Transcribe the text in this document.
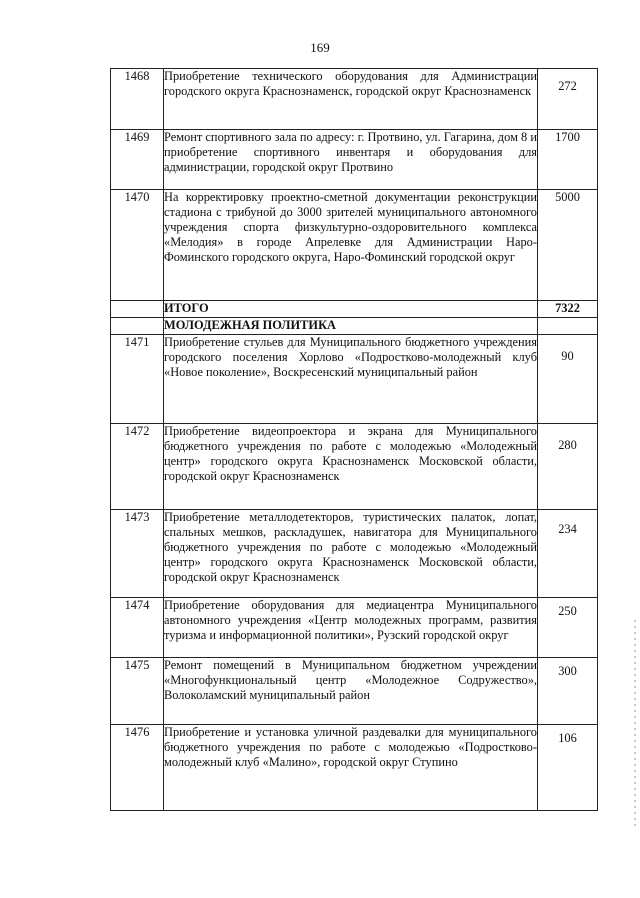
169
1468	Приобретение технического оборудования для Администрации городского округа Краснознаменск, городской округ Краснознаменск	272

1469	Ремонт спортивного зала по адресу: г. Протвино, ул. Гагарина, дом 8 и приобретение спортивного инвентаря и оборудования для администрации, городской округ Протвино	1700

1470	На корректировку проектно-сметной документации реконструкции стадиона с трибуной до 3000 зрителей муниципального автономного учреждения спорта физкультурно-оздоровительного комплекса «Мелодия» в городе Апрелевке для Администрации Наро-Фоминского городского округа, Наро-Фоминский городской округ	5000

	ИТОГО	7322
	МОЛОДЕЖНАЯ ПОЛИТИКА	
1471	Приобретение стульев для Муниципального бюджетного учреждения городского поселения Хорлово «Подростково-молодежный клуб «Новое поколение», Воскресенский муниципальный район	90

1472	Приобретение видеопроектора и экрана для Муниципального бюджетного учреждения по работе с молодежью «Молодежный центр» городского округа Краснознаменск Московской области, городской округ Краснознаменск	280

1473	Приобретение металлодетекторов, туристических палаток, лопат, спальных мешков, раскладушек, навигатора для Муниципального бюджетного учреждения по работе с молодежью «Молодежный центр» городского округа Краснознаменск Московской области, городской округ Краснознаменск	234

1474	Приобретение оборудования для медиацентра Муниципального автономного учреждения «Центр молодежных программ, развития туризма и информационной политики», Рузский городской округ	250

1475	Ремонт помещений в Муниципальном бюджетном учреждении «Многофункциональный центр «Молодежное Содружество», Волоколамский муниципальный район	300

1476	Приобретение и установка уличной раздевалки для муниципального бюджетного учреждения по работе с молодежью «Подростково-молодежный клуб «Малино», городской округ Ступино	106
